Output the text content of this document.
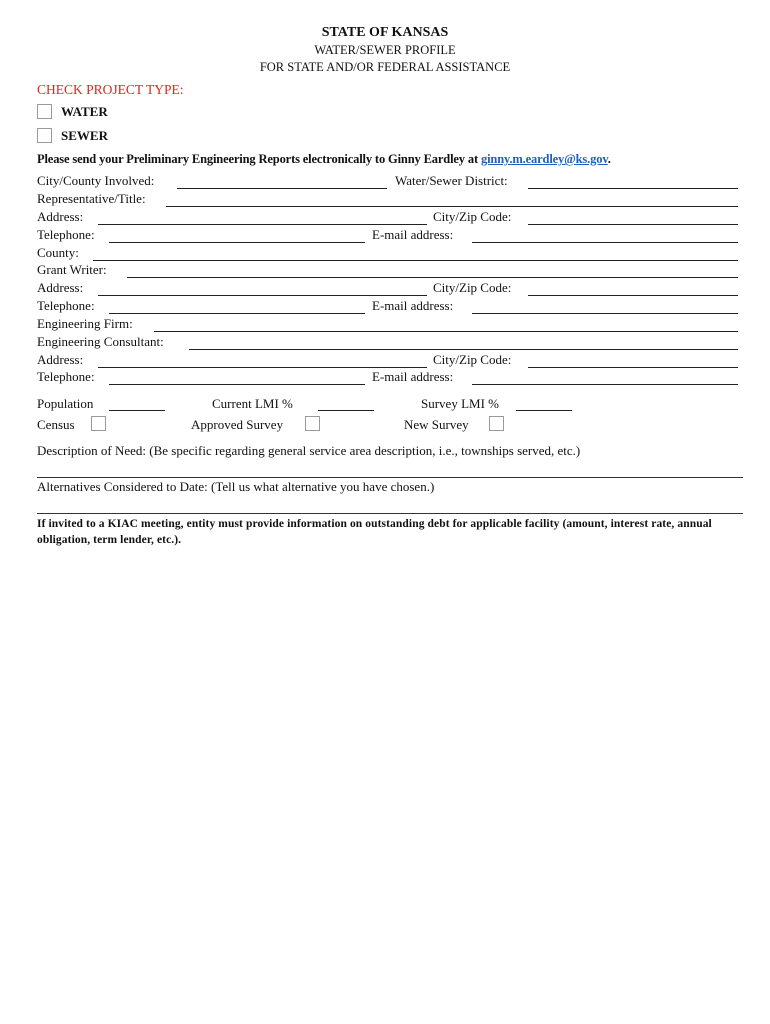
STATE OF KANSAS
WATER/SEWER PROFILE
FOR STATE AND/OR FEDERAL ASSISTANCE
CHECK PROJECT TYPE:
WATER
SEWER
Please send your Preliminary Engineering Reports electronically to Ginny Eardley at ginny.m.eardley@ks.gov.
City/County Involved:	Water/Sewer District:
Representative/Title:
Address:	City/Zip Code:
Telephone:	E-mail address:
County:
Grant Writer:
Address:	City/Zip Code:
Telephone:	E-mail address:
Engineering Firm:
Engineering Consultant:
Address:	City/Zip Code:
Telephone:	E-mail address:
Population	Current LMI %	Survey LMI %
Census	Approved Survey	New Survey
Description of Need: (Be specific regarding general service area description, i.e., townships served, etc.)
Alternatives Considered to Date: (Tell us what alternative you have chosen.)
If invited to a KIAC meeting, entity must provide information on outstanding debt for applicable facility (amount, interest rate, annual obligation, term lender, etc.).
